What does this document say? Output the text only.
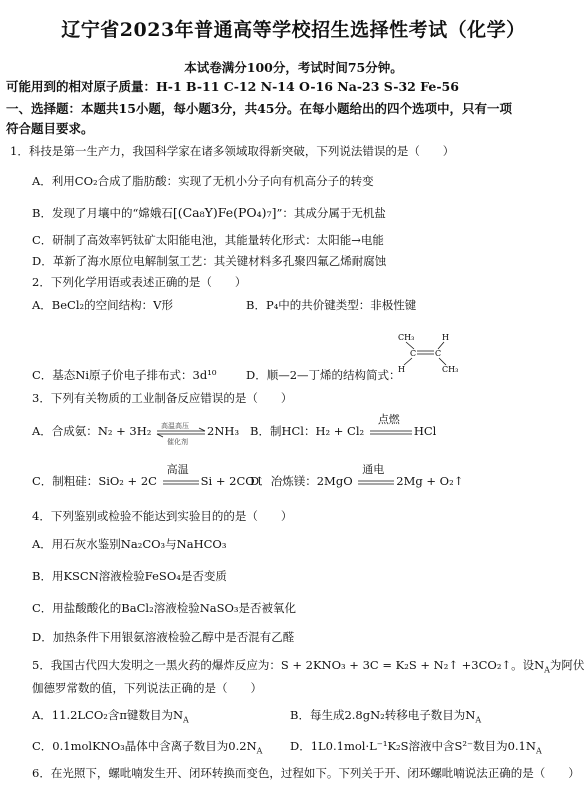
辽宁省2023年普通高等学校招生选择性考试（化学）
本试卷满分100分，考试时间75分钟。
可能用到的相对原子质量：H-1 B-11 C-12 N-14 O-16 Na-23 S-32 Fe-56
一、选择题：本题共15小题，每小题3分，共45分。在每小题给出的四个选项中，只有一项
符合题目要求。
1．科技是第一生产力，我国科学家在诸多领域取得新突破，下列说法错误的是（　　）
A．利用CO₂合成了脂肪酸：实现了无机小分子向有机高分子的转变
B．发现了月壤中的“嫦娥石[(Ca₈Y)Fe(PO₄)₇]”：其成分属于无机盐
C．研制了高效率钙钛矿太阳能电池，其能量转化形式：太阳能→电能
D．革新了海水原位电解制氢工艺：其关键材料多孔聚四氟乙烯耐腐蚀
2．下列化学用语或表述正确的是（　　）
A．BeCl₂的空间结构：V形	B．P₄中的共价键类型：非极性键
C．基态Ni原子价电子排布式：3d¹⁰	D．顺—2—丁烯的结构简式：
CH₃	H
C C
H	CH₃
3．下列有关物质的工业制备反应错误的是（　　）
A．合成氨：N₂ + 3H₂ 高温高压
催化剂
2NH₃ B．制HCl：H₂ + Cl₂
点燃
HCl
C．制粗硅：SiO₂ + 2C
高温
Si + 2CO↑
D．冶炼镁：2MgO
通电
2Mg + O₂↑
4．下列鉴别或检验不能达到实验目的的是（　　）
A．用石灰水鉴别Na₂CO₃与NaHCO₃
B．用KSCN溶液检验FeSO₄是否变质
C．用盐酸酸化的BaCl₂溶液检验NaSO₃是否被氧化
D．加热条件下用银氨溶液检验乙醇中是否混有乙醛
5．我国古代四大发明之一黑火药的爆炸反应为：S + 2KNO₃ + 3C = K₂S + N₂↑ +3CO₂↑。设$N_A$为阿伏
伽德罗常数的值，下列说法正确的是（　　）
A．11.2LCO₂含π键数目为$N_A$	B．每生成2.8gN₂转移电子数目为$N_A$
C．0.1molKNO₃晶体中含离子数目为$0.2N_A$ D．1L0.1mol·L⁻¹K₂S溶液中含S²⁻数目为$0.1N_A$
6．在光照下，螺吡喃发生开、闭环转换而变色，过程如下。下列关于开、闭环螺吡喃说法正确的是（　　）
